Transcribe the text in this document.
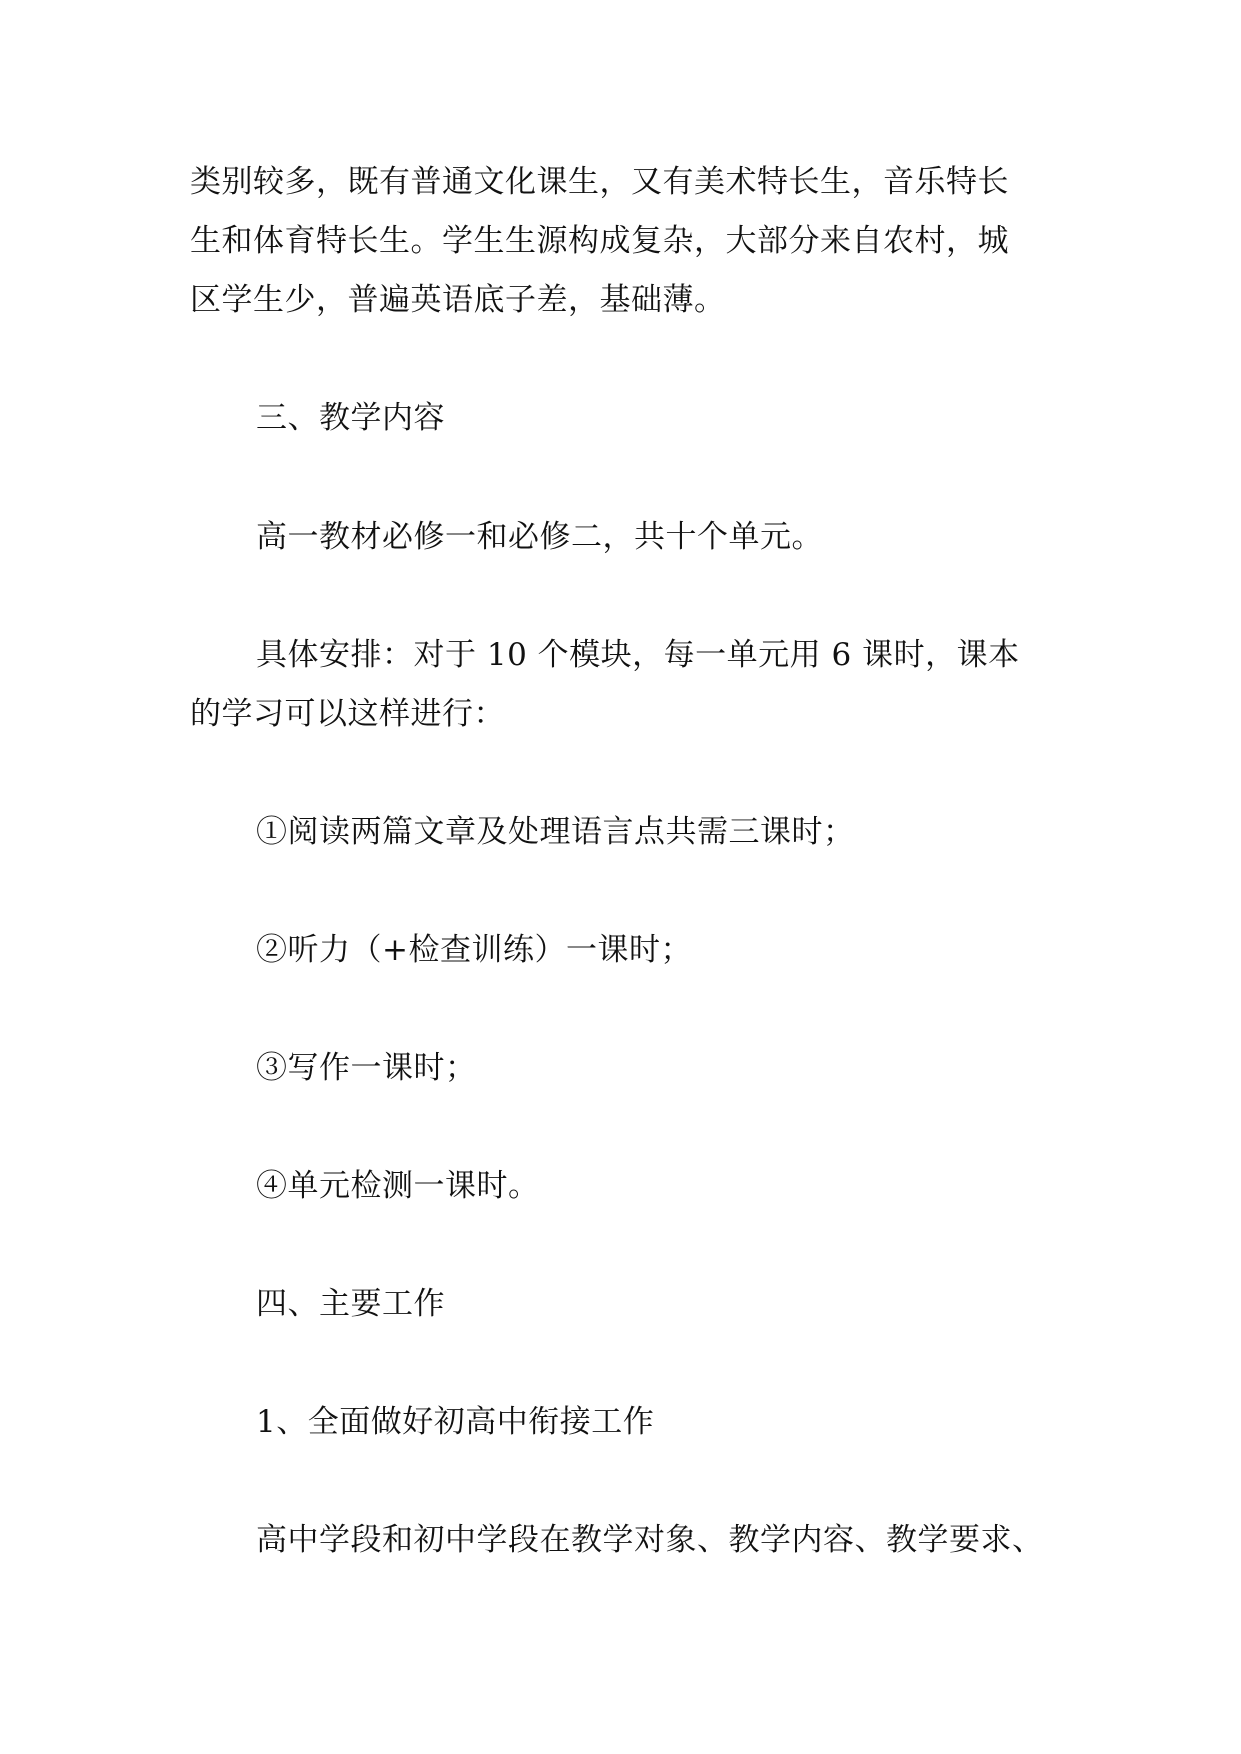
类别较多，既有普通文化课生，又有美术特长生，音乐特长
生和体育特长生。学生生源构成复杂，大部分来自农村，城
区学生少，普遍英语底子差，基础薄。
三、教学内容
高一教材必修一和必修二，共十个单元。
具体安排：对于 10 个模块，每一单元用 6 课时，课本
的学习可以这样进行：
①阅读两篇文章及处理语言点共需三课时；
②听力（+检查训练）一课时；
③写作一课时；
④单元检测一课时。
四、主要工作
1、全面做好初高中衔接工作
高中学段和初中学段在教学对象、教学内容、教学要求、
